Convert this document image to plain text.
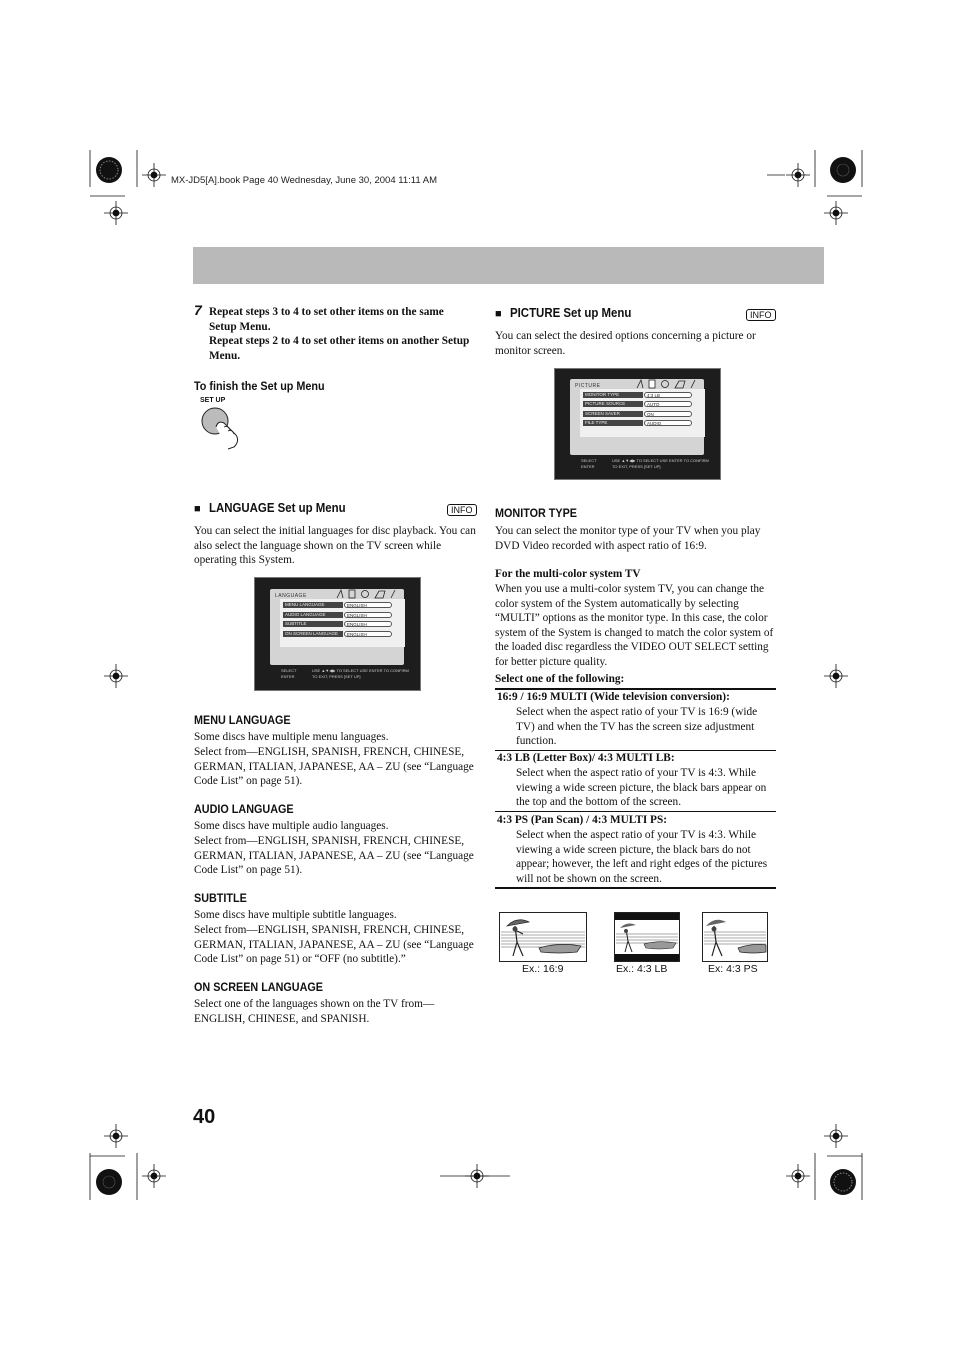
MX-JD5[A].book Page 40 Wednesday, June 30, 2004 11:11 AM
7 Repeat steps 3 to 4 to set other items on the same Setup Menu.
Repeat steps 2 to 4 to set other items on another Setup Menu.
To finish the Set up Menu
SET UP
■ LANGUAGE Set up Menu	INFO
You can select the initial languages for disc playback. You can also select the language shown on the TV screen while operating this System.
LANGUAGE
MENU LANGUAGE	ENGLISH
AUDIO LANGUAGE	ENGLISH
SUBTITLE	ENGLISH
ON SCREEN LANGUAGE	ENGLISH
SELECT ENTER
USE ▲▼◀▶ TO SELECT USE ENTER TO CONFIRM
TO EXIT, PRESS [SET UP]
MENU LANGUAGE
Some discs have multiple menu languages.
Select from—ENGLISH, SPANISH, FRENCH, CHINESE, GERMAN, ITALIAN, JAPANESE, AA – ZU (see “Language Code List” on page 51).
AUDIO LANGUAGE
Some discs have multiple audio languages.
Select from—ENGLISH, SPANISH, FRENCH, CHINESE, GERMAN, ITALIAN, JAPANESE, AA – ZU (see “Language Code List” on page 51).
SUBTITLE
Some discs have multiple subtitle languages.
Select from—ENGLISH, SPANISH, FRENCH, CHINESE, GERMAN, ITALIAN, JAPANESE, AA – ZU (see “Language Code List” on page 51) or “OFF (no subtitle).”
ON SCREEN LANGUAGE
Select one of the languages shown on the TV from—ENGLISH, CHINESE, and SPANISH.
40
■ PICTURE Set up Menu	INFO
You can select the desired options concerning a picture or monitor screen.
PICTURE
MONITOR TYPE	4:3 LB
PICTURE SOURCE	AUTO
SCREEN SAVER	ON
FILE TYPE	AUDIO
SELECT ENTER
USE ▲▼◀▶ TO SELECT USE ENTER TO CONFIRM
TO EXIT, PRESS [SET UP]
MONITOR TYPE
You can select the monitor type of your TV when you play DVD Video recorded with aspect ratio of 16:9.
For the multi-color system TV
When you use a multi-color system TV, you can change the color system of the System automatically by selecting “MULTI” options as the monitor type. In this case, the color system of the System is changed to match the color system of the loaded disc regardless the VIDEO OUT SELECT setting for better picture quality.
Select one of the following:
16:9 / 16:9 MULTI (Wide television conversion):
Select when the aspect ratio of your TV is 16:9 (wide TV) and when the TV has the screen size adjustment function.
4:3 LB (Letter Box)/ 4:3 MULTI LB:
Select when the aspect ratio of your TV is 4:3. While viewing a wide screen picture, the black bars appear on the top and the bottom of the screen.
4:3 PS (Pan Scan) / 4:3 MULTI PS:
Select when the aspect ratio of your TV is 4:3. While viewing a wide screen picture, the black bars do not appear; however, the left and right edges of the pictures will not be shown on the screen.
Ex.: 16:9	Ex.: 4:3 LB	Ex: 4:3 PS
